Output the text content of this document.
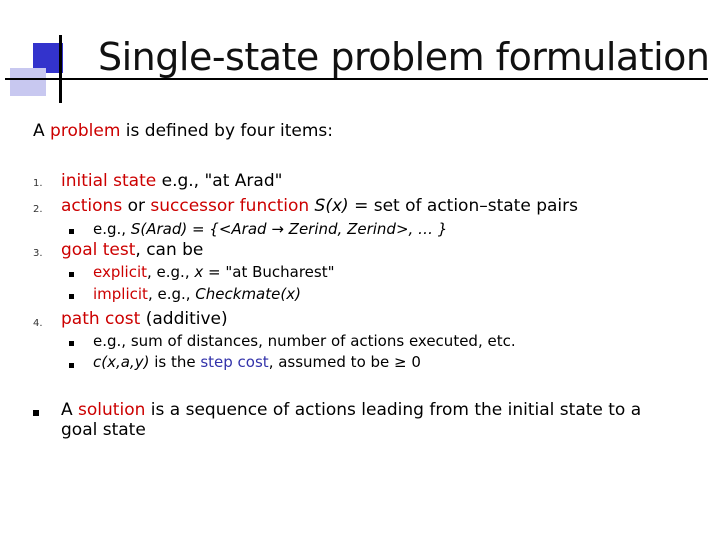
Single-state problem formulation
A problem is defined by four items:
1. initial state e.g., "at Arad"
2. actions or successor function S(x) = set of action–state pairs
e.g., S(Arad) = {<Arad → Zerind, Zerind>, … }
3. goal test, can be
explicit, e.g., x = "at Bucharest"
implicit, e.g., Checkmate(x)
4. path cost (additive)
e.g., sum of distances, number of actions executed, etc.
c(x,a,y) is the step cost, assumed to be ≥ 0
A solution is a sequence of actions leading from the initial state to a
goal state
